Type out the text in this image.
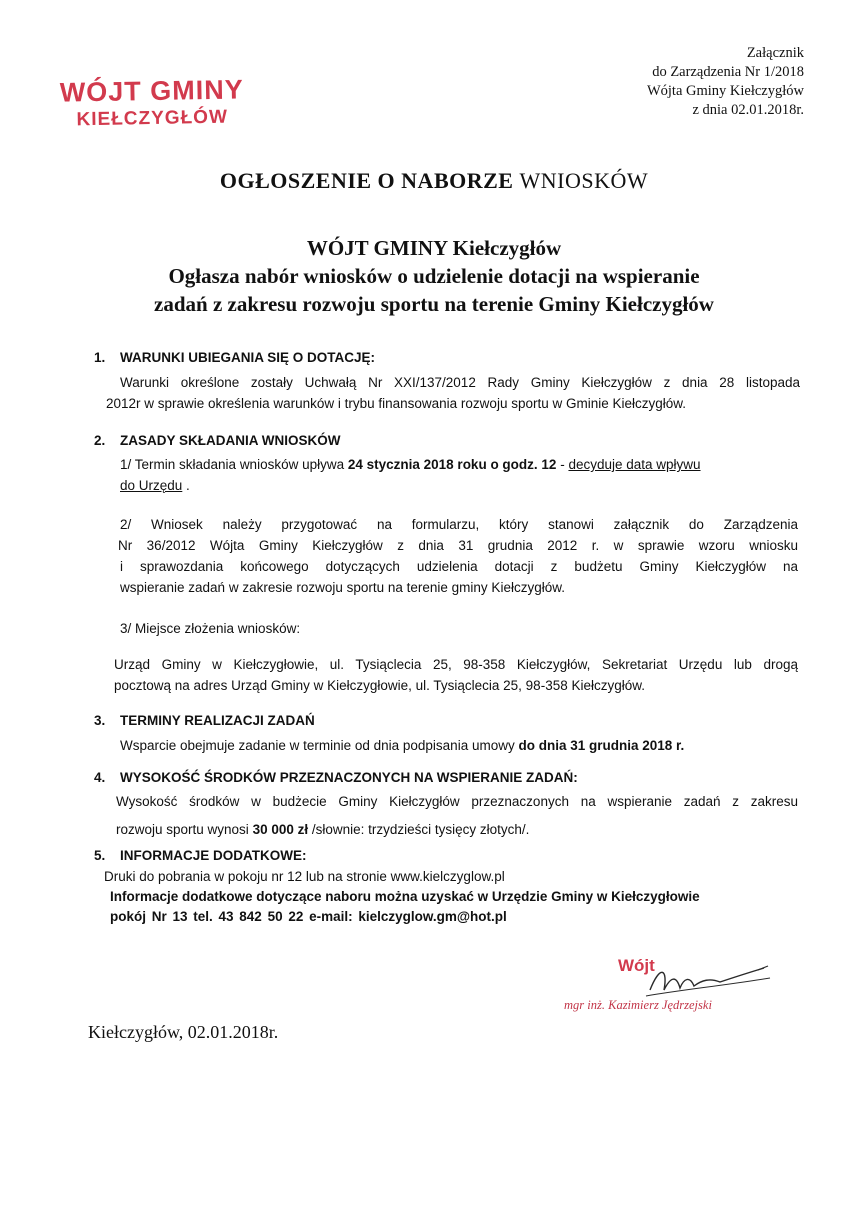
WÓJT GMINY
KIEŁCZYGŁÓW
Załącznik
do Zarządzenia Nr 1/2018
Wójta Gminy Kiełczygłów
z dnia 02.01.2018r.
OGŁOSZENIE O NABORZE WNIOSKÓW
WÓJT GMINY Kiełczygłów
Ogłasza nabór wniosków o udzielenie dotacji na wspieranie
zadań z zakresu rozwoju sportu na terenie Gminy Kiełczygłów
1. WARUNKI UBIEGANIA SIĘ O DOTACJĘ:
Warunki określone zostały Uchwałą Nr XXI/137/2012 Rady Gminy Kiełczygłów z dnia 28 listopada
2012r w sprawie określenia warunków i trybu finansowania rozwoju sportu w Gminie Kiełczygłów.
2. ZASADY SKŁADANIA WNIOSKÓW
1/ Termin składania wniosków upływa 24 stycznia 2018 roku o godz. 12 - decyduje data wpływu
do Urzędu .
2/ Wniosek należy przygotować na formularzu, który stanowi załącznik do Zarządzenia
Nr 36/2012 Wójta Gminy Kiełczygłów z dnia 31 grudnia 2012 r. w sprawie wzoru wniosku
i sprawozdania końcowego dotyczących udzielenia dotacji z budżetu Gminy Kiełczygłów na
wspieranie zadań w zakresie rozwoju sportu na terenie gminy Kiełczygłów.
3/ Miejsce złożenia wniosków:
Urząd Gminy w Kiełczygłowie, ul. Tysiąclecia 25, 98-358 Kiełczygłów, Sekretariat Urzędu lub drogą
pocztową na adres Urząd Gminy w Kiełczygłowie, ul. Tysiąclecia 25, 98-358 Kiełczygłów.
3. TERMINY REALIZACJI ZADAŃ
Wsparcie obejmuje zadanie w terminie od dnia podpisania umowy do dnia 31 grudnia 2018 r.
4. WYSOKOŚĆ ŚRODKÓW PRZEZNACZONYCH NA WSPIERANIE ZADAŃ:
Wysokość środków w budżecie Gminy Kiełczygłów przeznaczonych na wspieranie zadań z zakresu
rozwoju sportu wynosi 30 000 zł /słownie: trzydzieści tysięcy złotych/.
5. INFORMACJE DODATKOWE:
Druki do pobrania w pokoju nr 12 lub na stronie www.kielczyglow.pl
Informacje dodatkowe dotyczące naboru można uzyskać w Urzędzie Gminy w Kiełczygłowie
pokój Nr 13 tel. 43 842 50 22 e-mail: kielczyglow.gm@hot.pl
Wójt
mgr inż. Kazimierz Jędrzejski
Kiełczygłów, 02.01.2018r.
